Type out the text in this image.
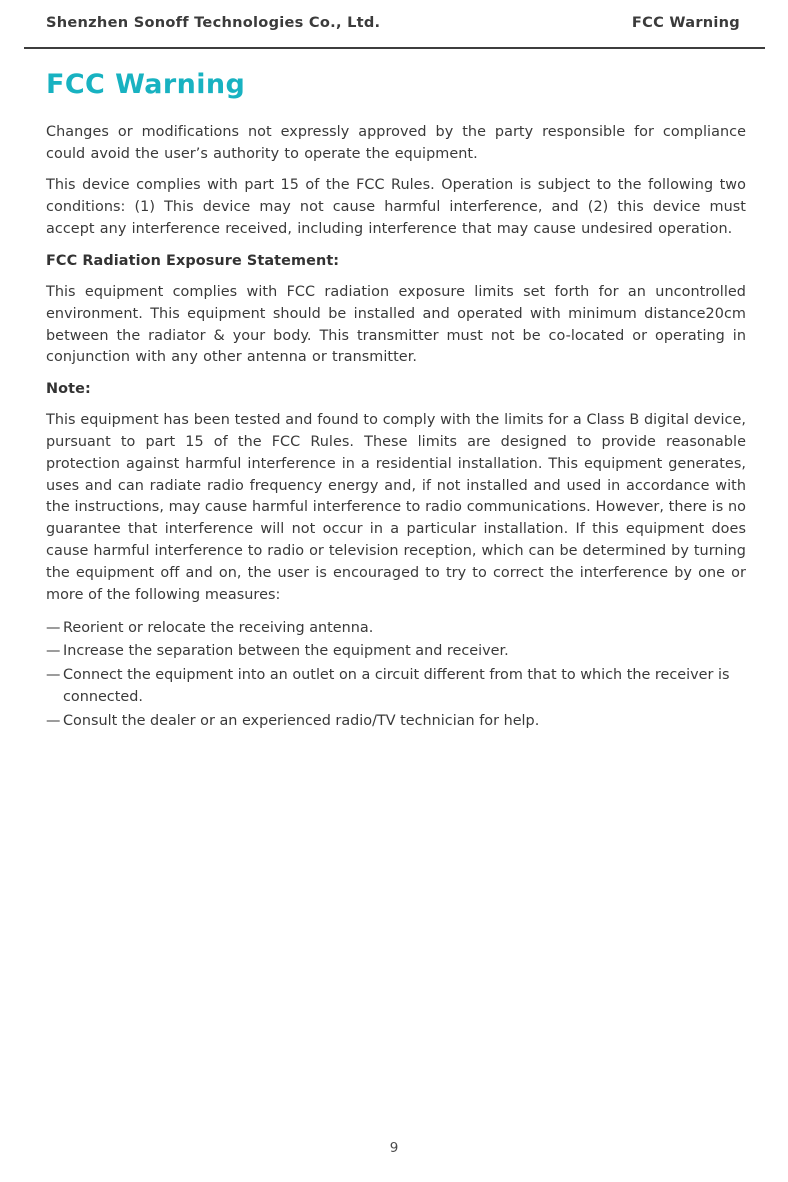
Shenzhen Sonoff Technologies Co., Ltd.	FCC Warning
FCC Warning

Changes or modifications not expressly approved by the party responsible for compliance could avoid the user’s authority to operate the equipment.

This device complies with part 15 of the FCC Rules. Operation is subject to the following two conditions: (1) This device may not cause harmful interference, and (2) this device must accept any interference received, including interference that may cause undesired operation.

FCC Radiation Exposure Statement:

This equipment complies with FCC radiation exposure limits set forth for an uncontrolled environment. This equipment should be installed and operated with minimum distance20cm between the radiator & your body. This transmitter must not be co-located or operating in conjunction with any other antenna or transmitter.

Note:

This equipment has been tested and found to comply with the limits for a Class B digital device, pursuant to part 15 of the FCC Rules. These limits are designed to provide reasonable protection against harmful interference in a residential installation. This equipment generates, uses and can radiate radio frequency energy and, if not installed and used in accordance with the instructions, may cause harmful interference to radio communications. However, there is no guarantee that interference will not occur in a particular installation. If this equipment does cause harmful interference to radio or television reception, which can be determined by turning the equipment off and on, the user is encouraged to try to correct the interference by one or more of the following measures:

— Reorient or relocate the receiving antenna.
— Increase the separation between the equipment and receiver.
— Connect the equipment into an outlet on a circuit different from that to which the receiver is connected.
— Consult the dealer or an experienced radio/TV technician for help.
9
